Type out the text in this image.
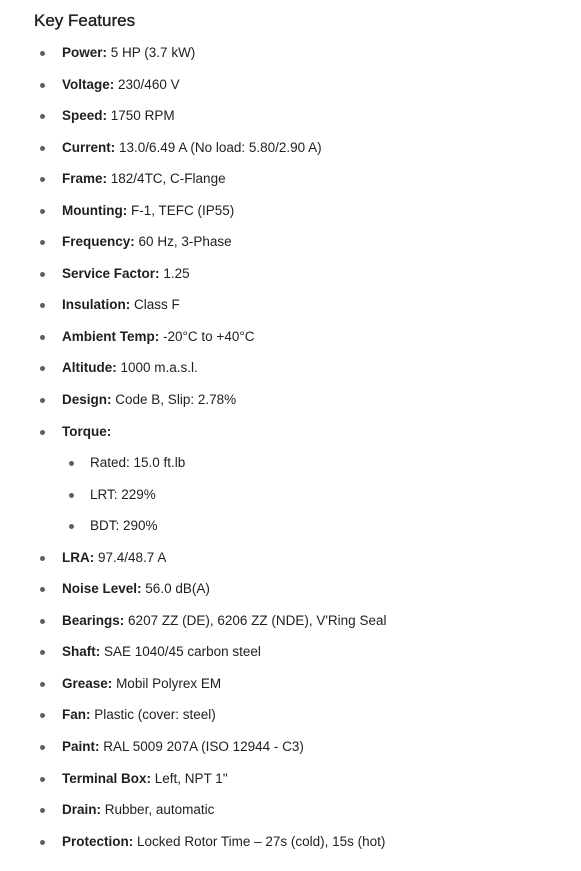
Key Features
Power: 5 HP (3.7 kW)
Voltage: 230/460 V
Speed: 1750 RPM
Current: 13.0/6.49 A (No load: 5.80/2.90 A)
Frame: 182/4TC, C-Flange
Mounting: F-1, TEFC (IP55)
Frequency: 60 Hz, 3-Phase
Service Factor: 1.25
Insulation: Class F
Ambient Temp: -20°C to +40°C
Altitude: 1000 m.a.s.l.
Design: Code B, Slip: 2.78%
Torque:
Rated: 15.0 ft.lb
LRT: 229%
BDT: 290%
LRA: 97.4/48.7 A
Noise Level: 56.0 dB(A)
Bearings: 6207 ZZ (DE), 6206 ZZ (NDE), V'Ring Seal
Shaft: SAE 1040/45 carbon steel
Grease: Mobil Polyrex EM
Fan: Plastic (cover: steel)
Paint: RAL 5009 207A (ISO 12944 - C3)
Terminal Box: Left, NPT 1"
Drain: Rubber, automatic
Protection: Locked Rotor Time – 27s (cold), 15s (hot)
